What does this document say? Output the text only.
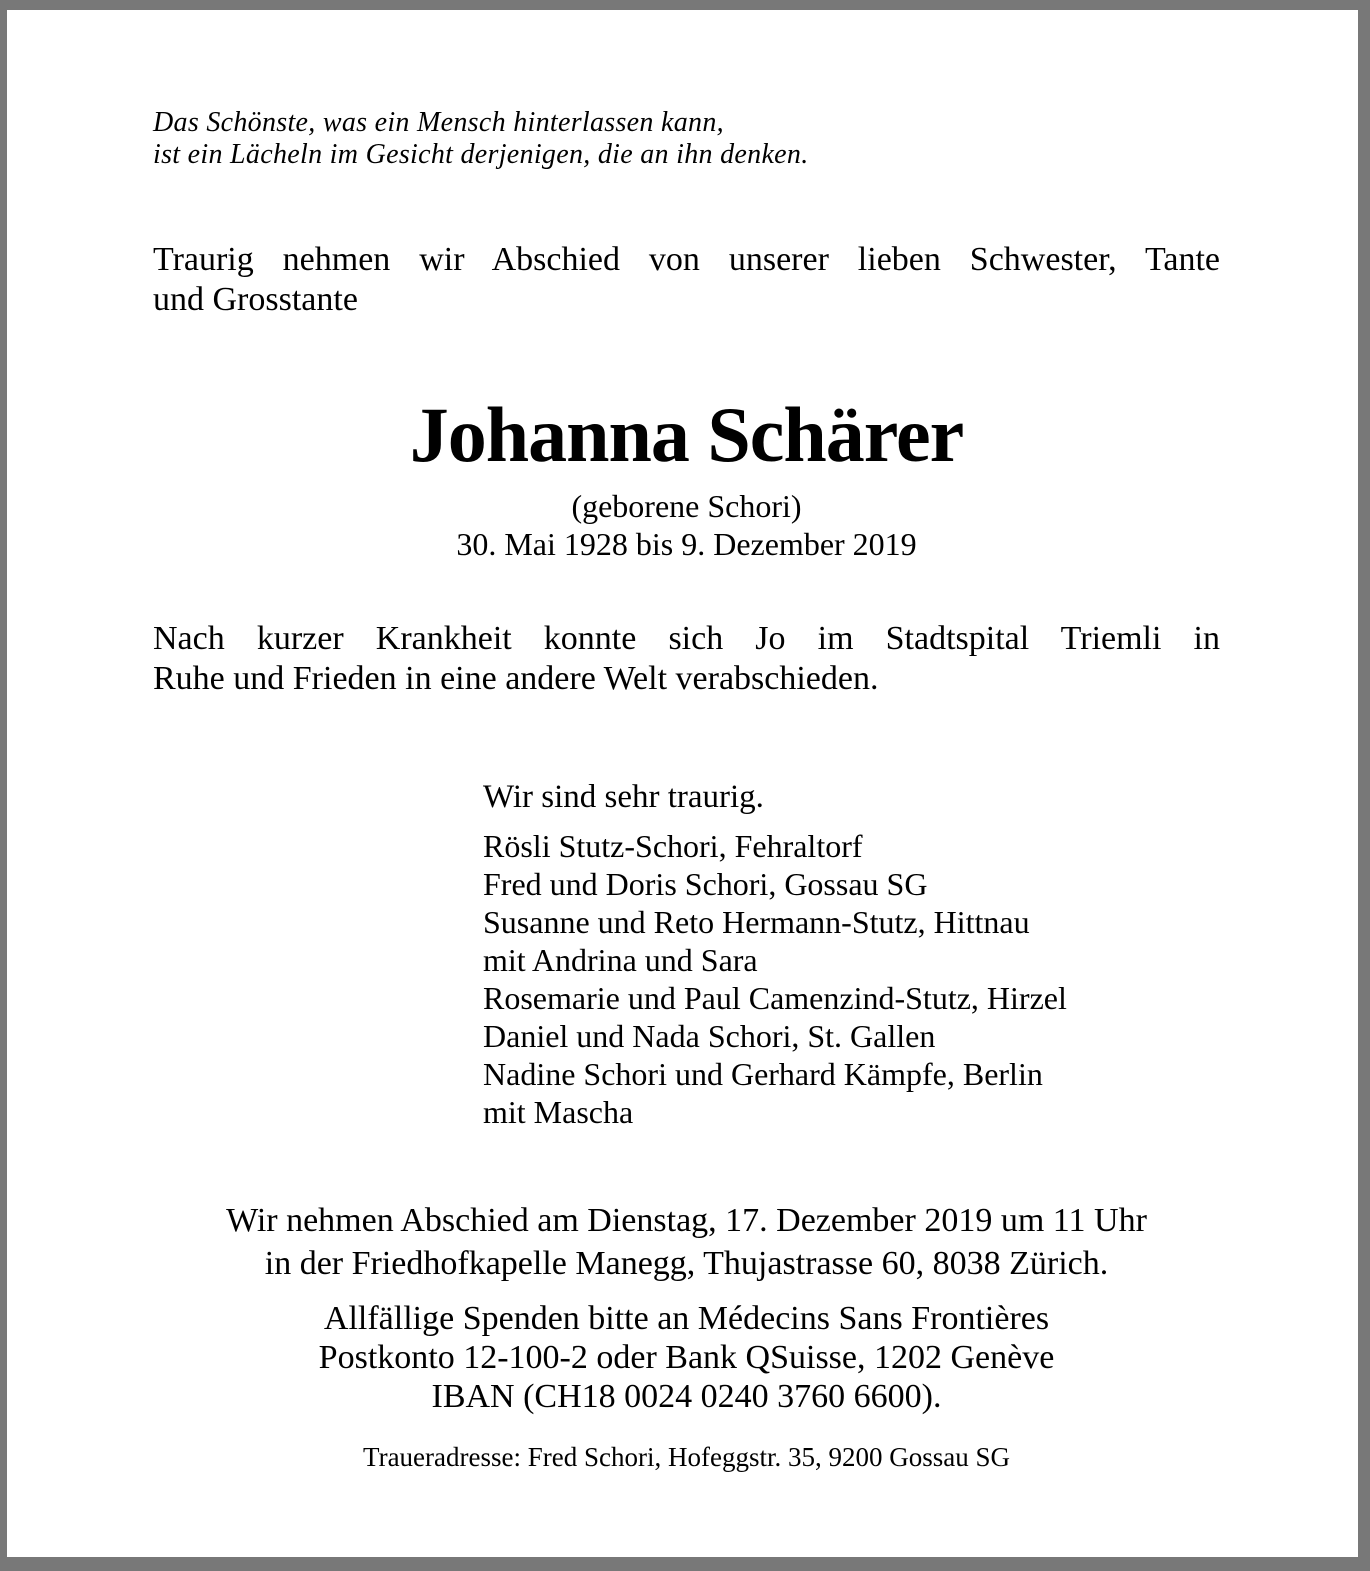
Das Schönste, was ein Mensch hinterlassen kann,
ist ein Lächeln im Gesicht derjenigen, die an ihn denken.
Traurig nehmen wir Abschied von unserer lieben Schwester, Tante
und Grosstante
Johanna Schärer
(geborene Schori)
30. Mai 1928 bis 9. Dezember 2019
Nach kurzer Krankheit konnte sich Jo im Stadtspital Triemli in
Ruhe und Frieden in eine andere Welt verabschieden.
Wir sind sehr traurig.
Rösli Stutz-Schori, Fehraltorf
Fred und Doris Schori, Gossau SG
Susanne und Reto Hermann-Stutz, Hittnau
mit Andrina und Sara
Rosemarie und Paul Camenzind-Stutz, Hirzel
Daniel und Nada Schori, St. Gallen
Nadine Schori und Gerhard Kämpfe, Berlin
mit Mascha
Wir nehmen Abschied am Dienstag, 17. Dezember 2019 um 11 Uhr
in der Friedhofkapelle Manegg, Thujastrasse 60, 8038 Zürich.
Allfällige Spenden bitte an Médecins Sans Frontières
Postkonto 12-100-2 oder Bank QSuisse, 1202 Genève
IBAN (CH18 0024 0240 3760 6600).
Traueradresse: Fred Schori, Hofeggstr. 35, 9200 Gossau SG
